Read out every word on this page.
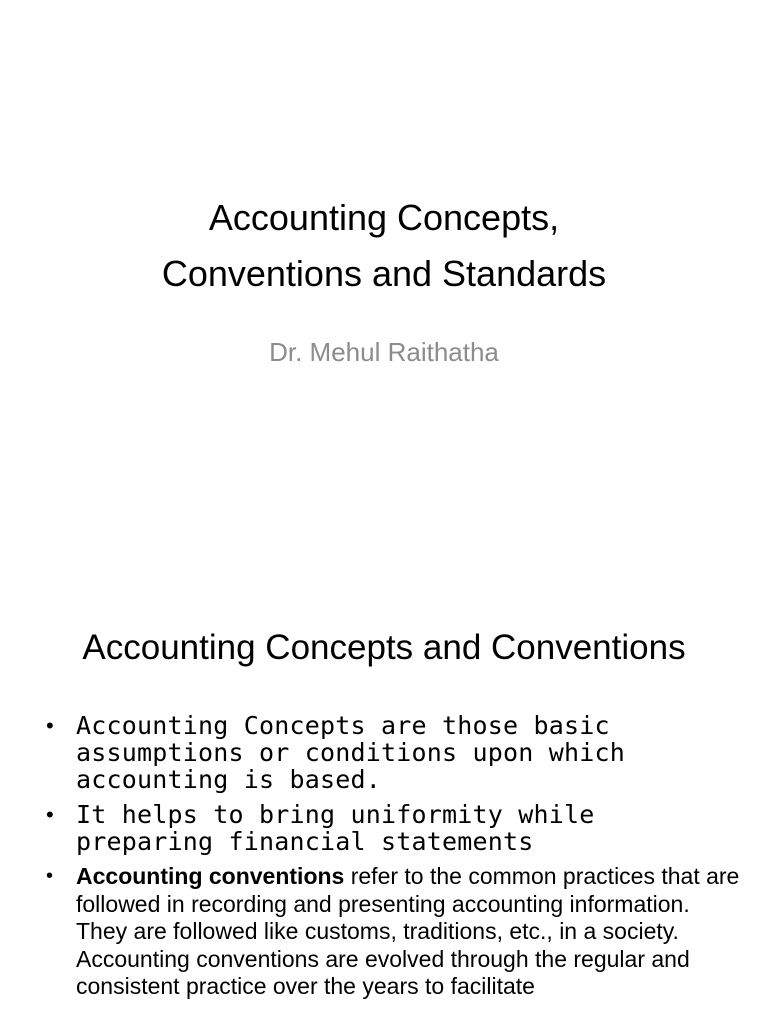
Accounting Concepts,
Conventions and Standards
Dr. Mehul Raithatha
Accounting Concepts and Conventions
• Accounting Concepts are those basic assumptions or conditions upon which accounting is based.
• It helps to bring uniformity while preparing financial statements
• Accounting conventions refer to the common practices that are followed in recording and presenting accounting information. They are followed like customs, traditions, etc., in a society. Accounting conventions are evolved through the regular and consistent practice over the years to facilitate
